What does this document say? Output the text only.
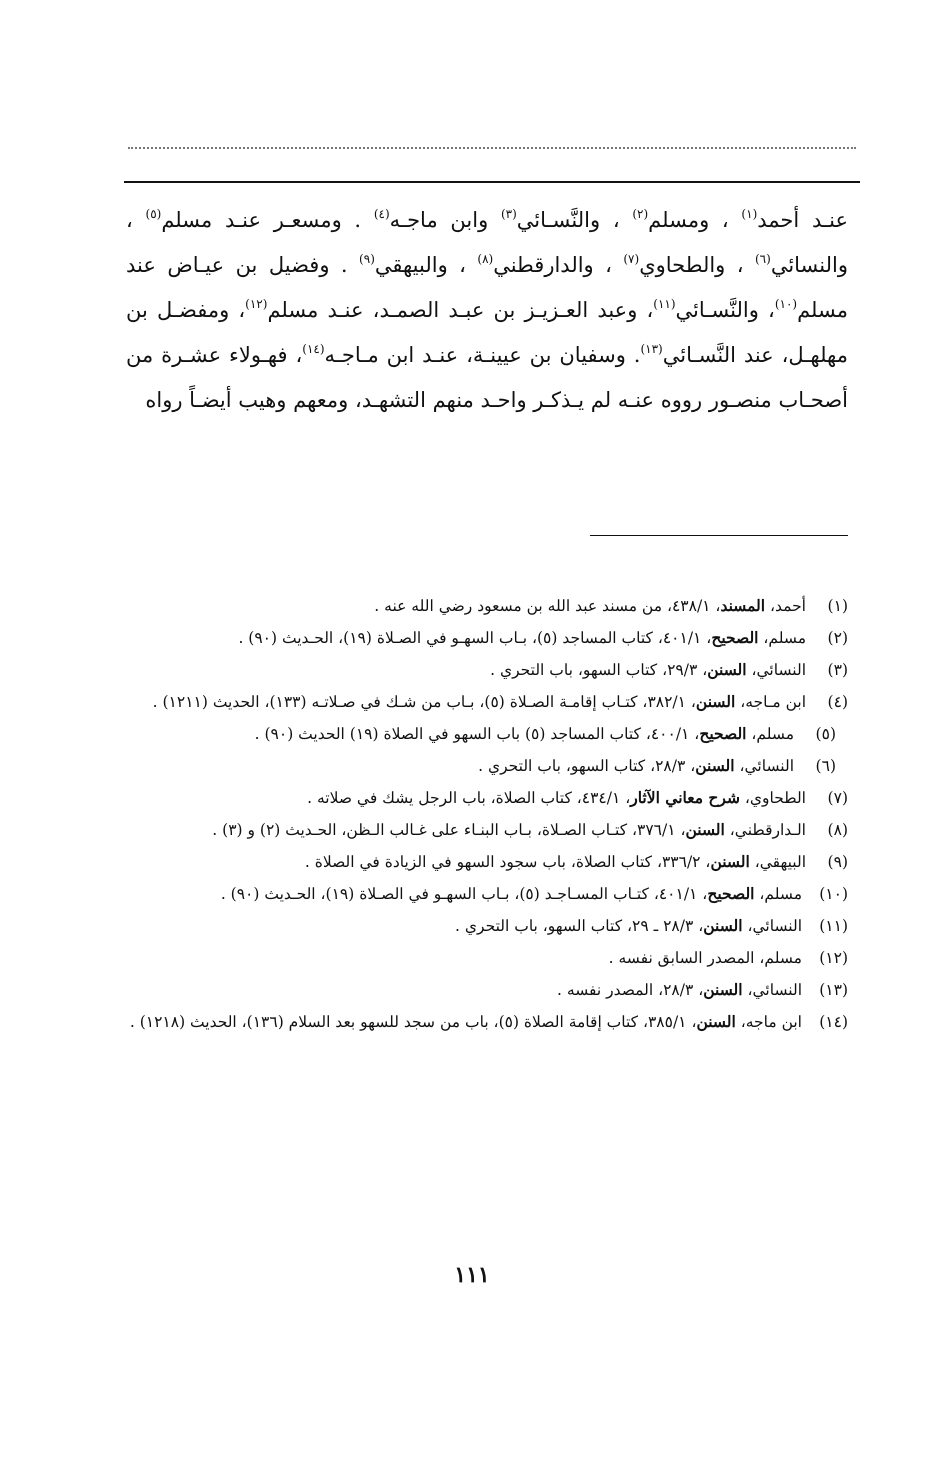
عنـد أحمد$^{(١)}$ ، ومسلم$^{(٢)}$ ، والنَّسـائي$^{(٣)}$ وابن ماجـه$^{(٤)}$ . ومسعـر عنـد مسلم$^{(٥)}$ ، والنسائي$^{(٦)}$ ، والطحاوي$^{(٧)}$ ، والدارقطني$^{(٨)}$ ، والبيهقي$^{(٩)}$ . وفضيل بن عيـاض عند مسلم$^{(١٠)}$، والنَّسـائي$^{(١١)}$، وعبد العـزيـز بن عبـد الصمـد، عنـد مسلم$^{(١٢)}$، ومفضـل بن مهلهـل، عند النَّسـائي$^{(١٣)}$. وسفيان بن عيينـة، عنـد ابن مـاجـه$^{(١٤)}$، فهـولاء عشـرة من أصحـاب منصـور رووه عنـه لم يـذكـر واحـد منهم التشهـد، ومعهم وهيب أيضـاً رواه
(١)
أحمد، المسند، ٤٣٨/١، من مسند عبد الله بن مسعود رضي الله عنه .
(٢)
مسلم، الصحيح، ٤٠١/١، كتاب المساجد (٥)، بـاب السهـو في الصـلاة (١٩)، الحـديث (٩٠) .
(٣)
النسائي، السنن، ٢٩/٣، كتاب السهو، باب التحري .
(٤)
ابن مـاجه، السنن، ٣٨٢/١، كتـاب إقامـة الصـلاة (٥)، بـاب من شـك في صـلاتـه (١٣٣)، الحديث (١٢١١) .
(٥)
مسلم، الصحيح، ٤٠٠/١، كتاب المساجد (٥) باب السهو في الصلاة (١٩) الحديث (٩٠) .
(٦)
النسائي، السنن، ٢٨/٣، كتاب السهو، باب التحري .
(٧)
الطحاوي، شرح معاني الآثار، ٤٣٤/١، كتاب الصلاة، باب الرجل يشك في صلاته .
(٨)
الـدارقطني، السنن، ٣٧٦/١، كتـاب الصـلاة، بـاب البنـاء على غـالب الـظن، الحـديث (٢) و (٣) .
(٩)
البيهقي، السنن، ٣٣٦/٢، كتاب الصلاة، باب سجود السهو في الزيادة في الصلاة .
(١٠)
مسلم، الصحيح، ٤٠١/١، كتـاب المسـاجـد (٥)، بـاب السهـو في الصـلاة (١٩)، الحـديث (٩٠) .
(١١)
النسائي، السنن، ٢٨/٣ ـ ٢٩، كتاب السهو، باب التحري .
(١٢)
مسلم، المصدر السابق نفسه .
(١٣)
النسائي، السنن، ٢٨/٣، المصدر نفسه .
(١٤)
ابن ماجه، السنن، ٣٨٥/١، كتاب إقامة الصلاة (٥)، باب من سجد للسهو بعد السلام (١٣٦)، الحديث (١٢١٨) .
١١١
